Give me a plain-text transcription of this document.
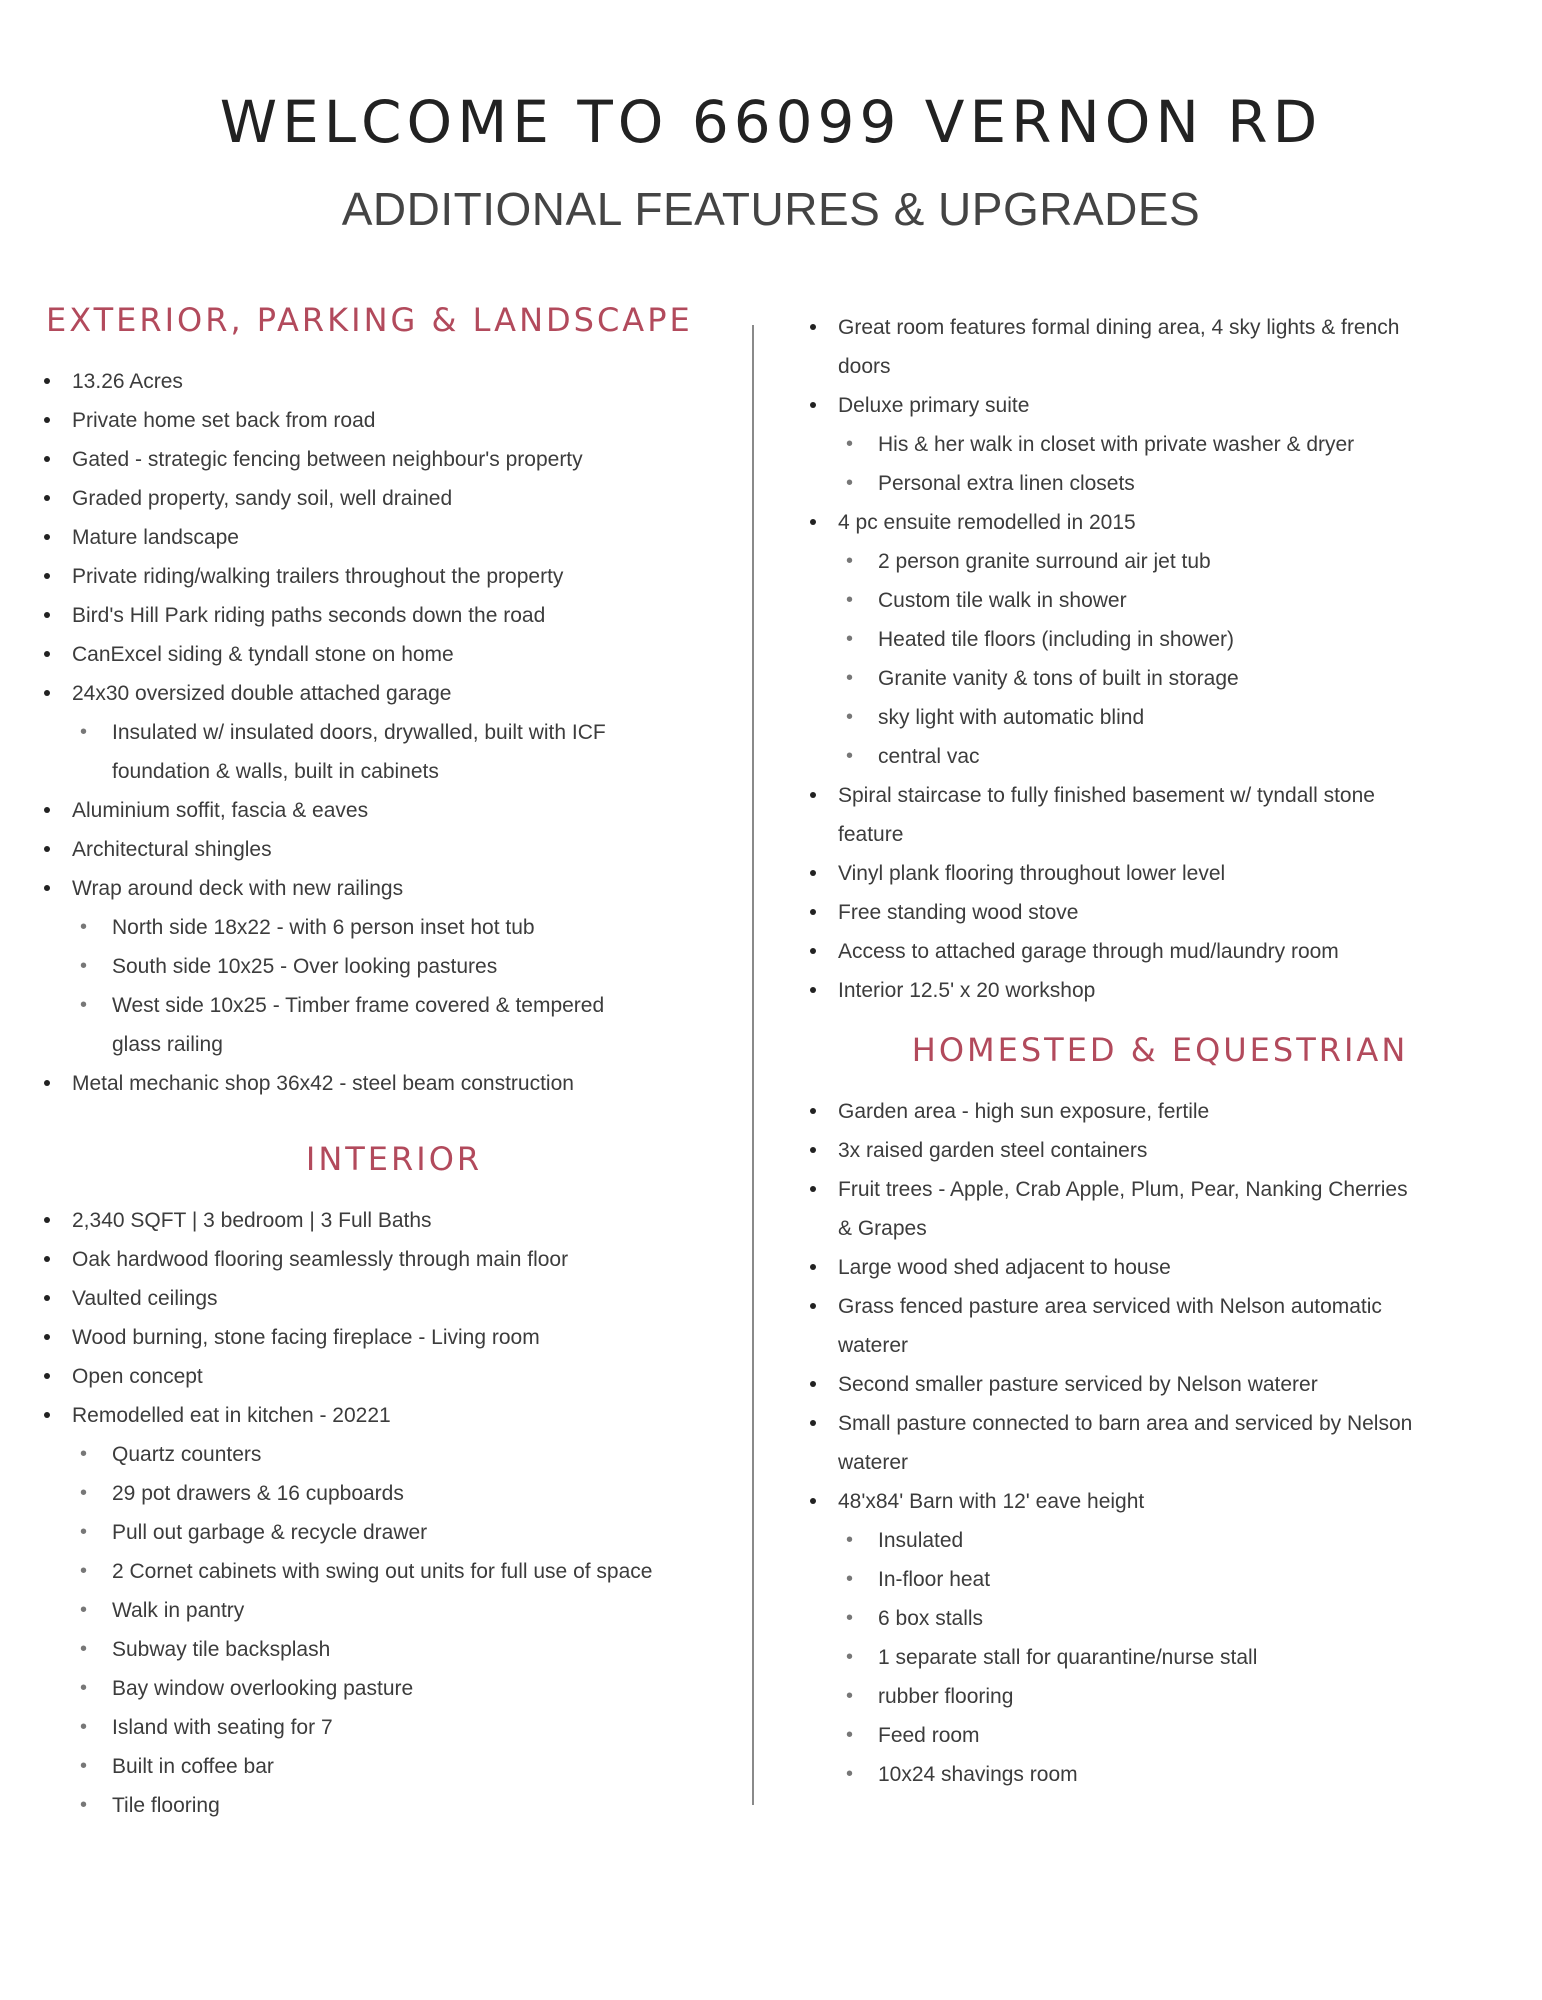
WELCOME TO 66099 VERNON RD
ADDITIONAL FEATURES & UPGRADES
EXTERIOR, PARKING & LANDSCAPE
13.26 Acres
Private home set back from road
Gated - strategic fencing between neighbour's property
Graded property, sandy soil, well drained
Mature landscape
Private riding/walking trailers throughout the property
Bird's Hill Park riding paths seconds down the road
CanExcel siding & tyndall stone on home
24x30 oversized double attached garage
• Insulated w/ insulated doors, drywalled, built with ICF
foundation & walls, built in cabinets
Aluminium soffit, fascia & eaves
Architectural shingles
Wrap around deck with new railings
• North side 18x22 - with 6 person inset hot tub
• South side 10x25 - Over looking pastures
• West side 10x25 - Timber frame covered & tempered
glass railing
Metal mechanic shop 36x42 - steel beam construction
INTERIOR
2,340 SQFT | 3 bedroom | 3 Full Baths
Oak hardwood flooring seamlessly through main floor
Vaulted ceilings
Wood burning, stone facing fireplace - Living room
Open concept
Remodelled eat in kitchen - 20221
• Quartz counters
• 29 pot drawers & 16 cupboards
• Pull out garbage & recycle drawer
• 2 Cornet cabinets with swing out units for full use of space
• Walk in pantry
• Subway tile backsplash
• Bay window overlooking pasture
• Island with seating for 7
• Built in coffee bar
• Tile flooring
Great room features formal dining area, 4 sky lights & french
doors
Deluxe primary suite
• His & her walk in closet with private washer & dryer
• Personal extra linen closets
4 pc ensuite remodelled in 2015
• 2 person granite surround air jet tub
• Custom tile walk in shower
• Heated tile floors (including in shower)
• Granite vanity & tons of built in storage
• sky light with automatic blind
• central vac
Spiral staircase to fully finished basement w/ tyndall stone
feature
Vinyl plank flooring throughout lower level
Free standing wood stove
Access to attached garage through mud/laundry room
Interior 12.5' x 20 workshop
HOMESTED & EQUESTRIAN
Garden area - high sun exposure, fertile
3x raised garden steel containers
Fruit trees - Apple, Crab Apple, Plum, Pear, Nanking Cherries
& Grapes
Large wood shed adjacent to house
Grass fenced pasture area serviced with Nelson automatic
waterer
Second smaller pasture serviced by Nelson waterer
Small pasture connected to barn area and serviced by Nelson
waterer
48'x84' Barn with 12' eave height
• Insulated
• In-floor heat
• 6 box stalls
• 1 separate stall for quarantine/nurse stall
• rubber flooring
• Feed room
• 10x24 shavings room
